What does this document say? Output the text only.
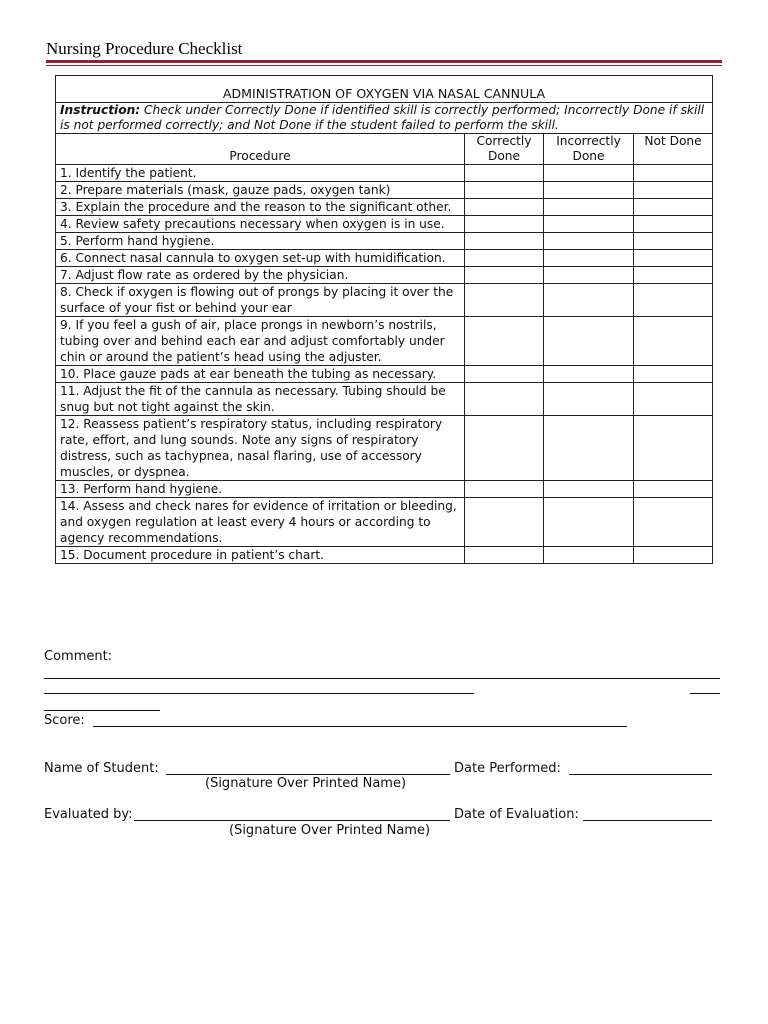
Nursing Procedure Checklist

ADMINISTRATION OF OXYGEN VIA NASAL CANNULA			
Instruction: Check under Correctly Done if identified skill is correctly performed; Incorrectly Done if skill is not performed correctly; and Not Done if the student failed to perform the skill.			
Procedure	Correctly Done	Incorrectly Done	Not Done
1. Identify the patient.			
2. Prepare materials (mask, gauze pads, oxygen tank)			
3. Explain the procedure and the reason to the significant other.			
4. Review safety precautions necessary when oxygen is in use.			
5. Perform hand hygiene.			
6. Connect nasal cannula to oxygen set-up with humidification.			
7. Adjust flow rate as ordered by the physician.			
8. Check if oxygen is flowing out of prongs by placing it over the surface of your fist or behind your ear			
9. If you feel a gush of air, place prongs in newborn’s nostrils, tubing over and behind each ear and adjust comfortably under chin or around the patient’s head using the adjuster.			
10. Place gauze pads at ear beneath the tubing as necessary.			
11. Adjust the fit of the cannula as necessary. Tubing should be snug but not tight against the skin.			
12. Reassess patient’s respiratory status, including respiratory rate, effort, and lung sounds. Note any signs of respiratory distress, such as tachypnea, nasal flaring, use of accessory muscles, or dyspnea.			
13. Perform hand hygiene.			
14. Assess and check nares for evidence of irritation or bleeding, and oxygen regulation at least every 4 hours or according to agency recommendations.			
15. Document procedure in patient’s chart.			
Comment:
Score:
Name of Student:	Date Performed:
(Signature Over Printed Name)
Evaluated by:	Date of Evaluation:
(Signature Over Printed Name)
